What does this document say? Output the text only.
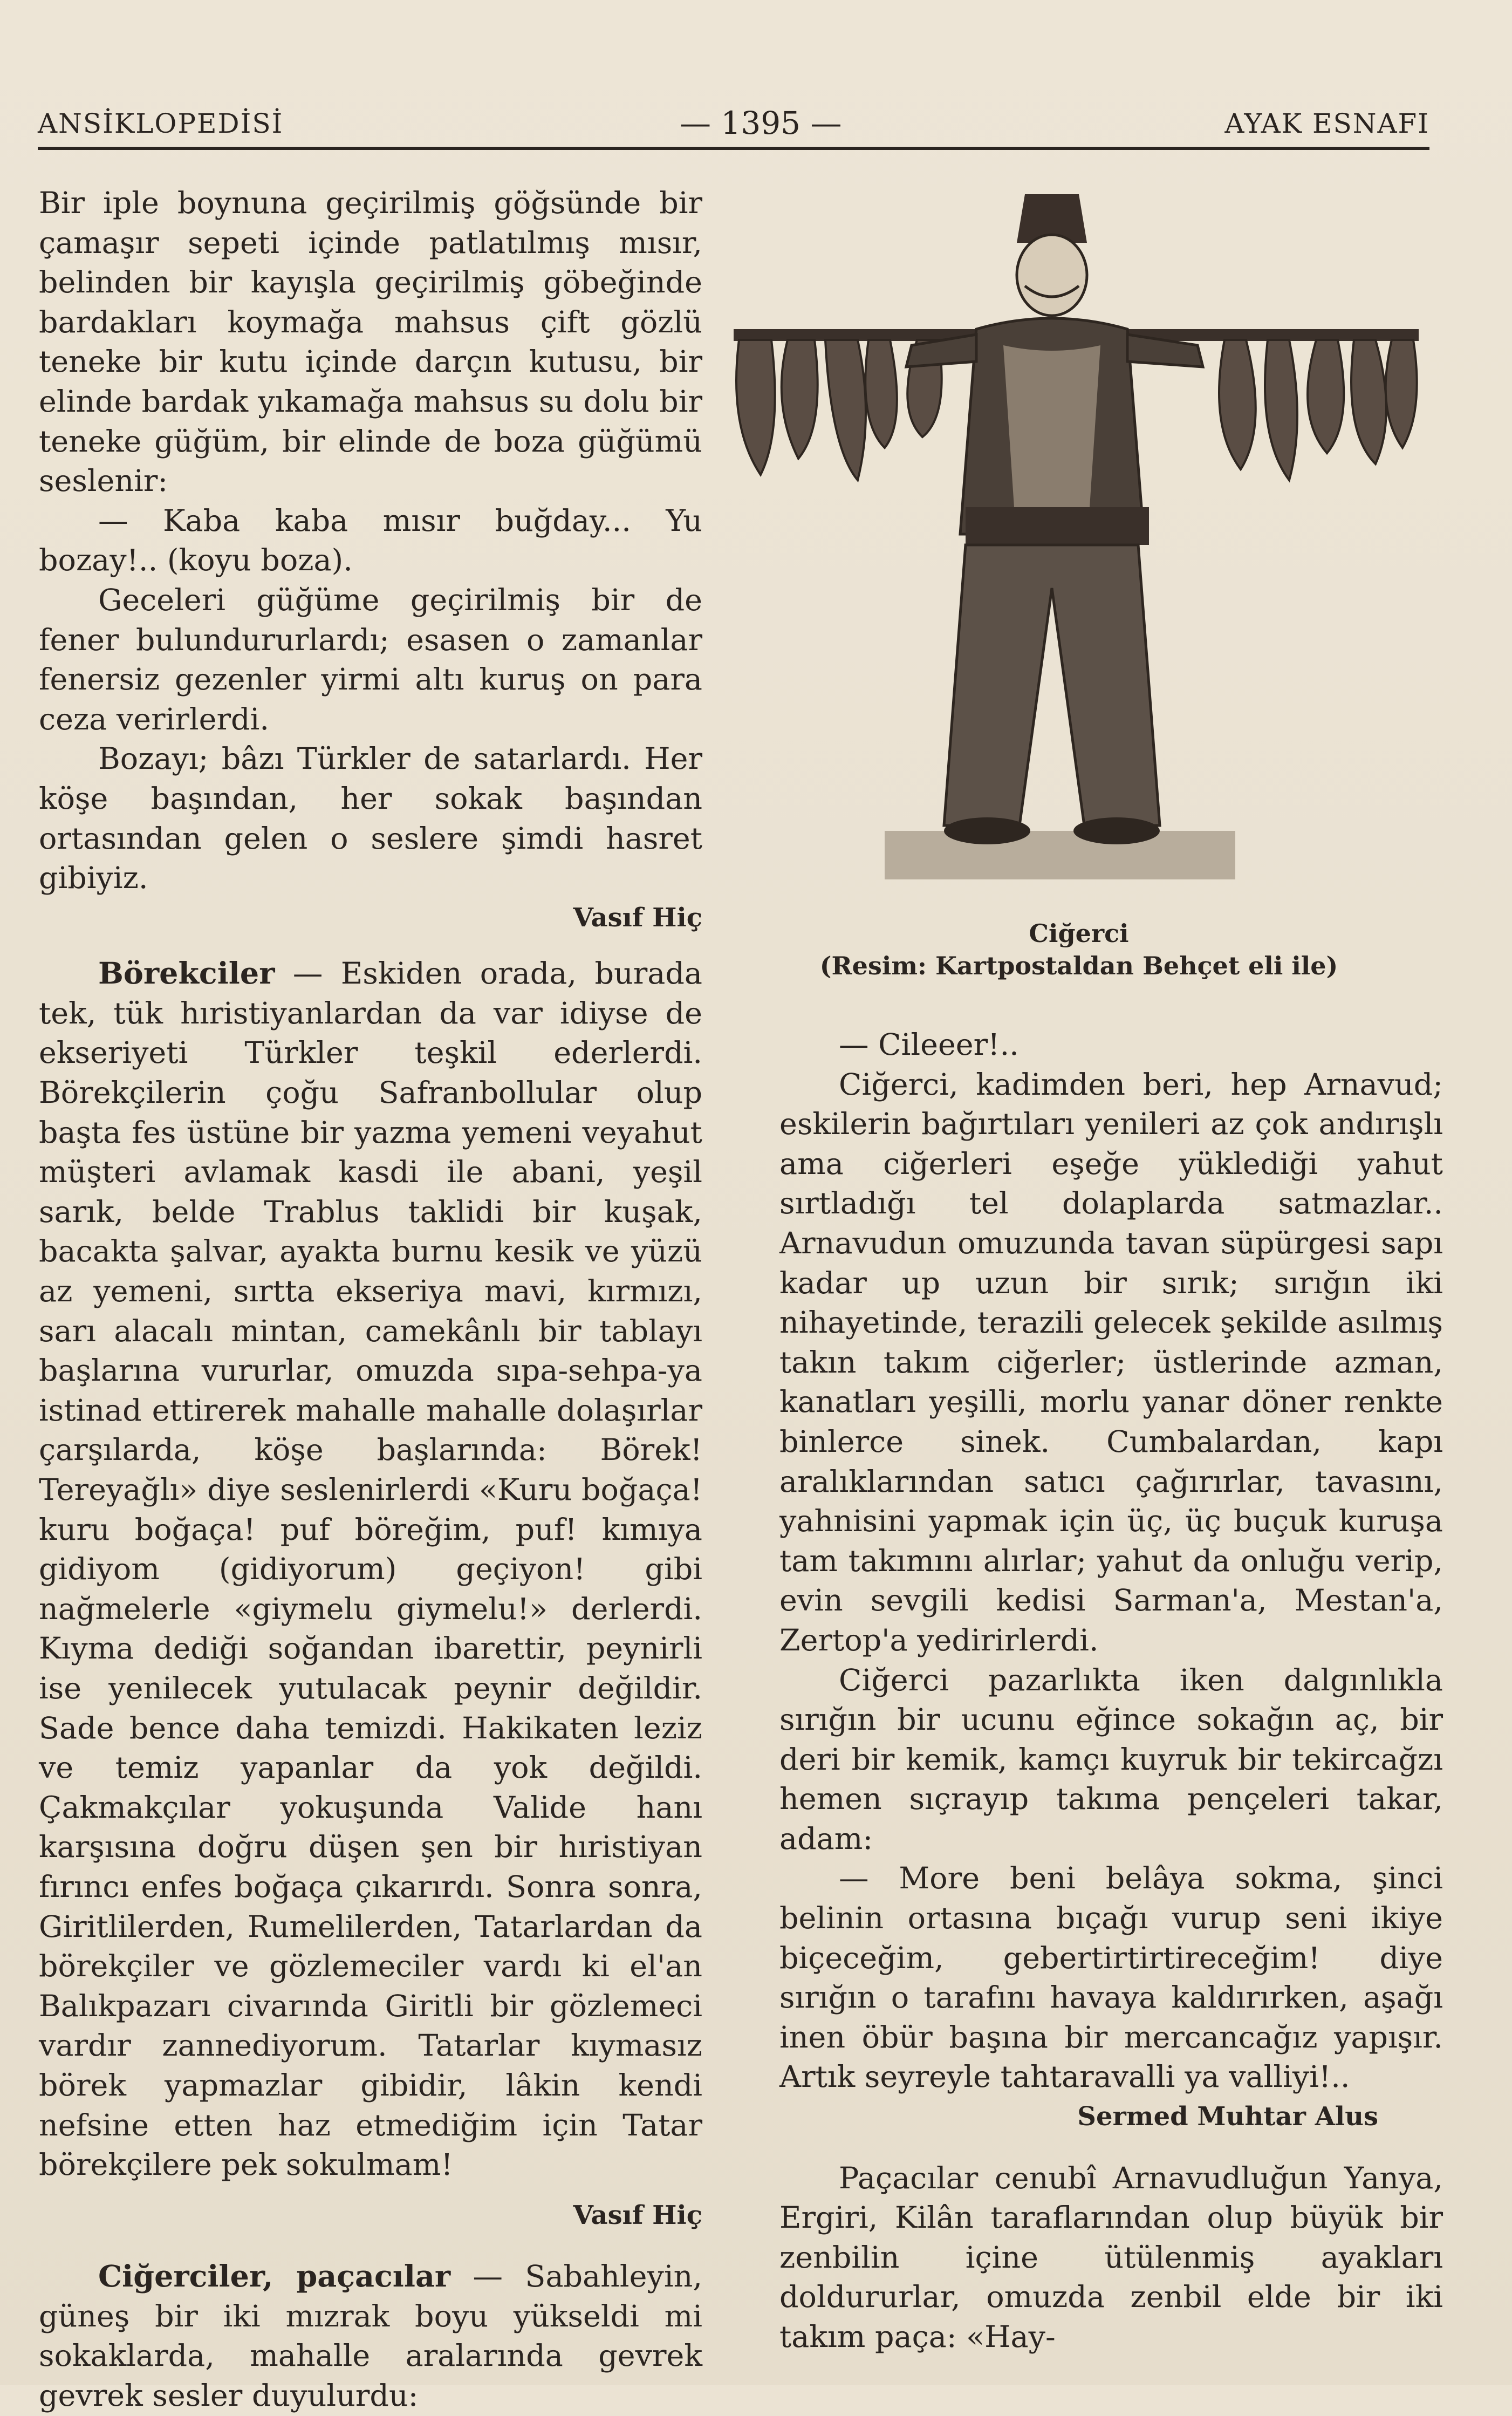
ANSİKLOPEDİSİ	— 1395 —	AYAK ESNAFI

Bir iple boynuna geçirilmiş göğsünde bir çamaşır sepeti içinde patlatılmış mısır, belinden bir kayışla geçirilmiş göbeğinde bardakları koymağa mahsus çift gözlü teneke bir kutu içinde darçın kutusu, bir elinde bardak yıkamağa mahsus su dolu bir teneke güğüm, bir elinde de boza güğümü seslenir:

— Kaba kaba mısır buğday... Yu bozay!.. (koyu boza).

Geceleri güğüme geçirilmiş bir de fener bulundururlardı; esasen o zamanlar fenersiz gezenler yirmi altı kuruş on para ceza verirlerdi.

Bozayı; bâzı Türkler de satarlardı. Her köşe başından, her sokak başından ortasından gelen o seslere şimdi hasret gibiyiz.

Vasıf Hiç

Börekciler — Eskiden orada, burada tek, tük hıristiyanlardan da var idiyse de ekseriyeti Türkler teşkil ederlerdi. Börekçilerin çoğu Safranbollular olup başta fes üstüne bir yazma yemeni veyahut müşteri avlamak kasdi ile abani, yeşil sarık, belde Trablus taklidi bir kuşak, bacakta şalvar, ayakta burnu kesik ve yüzü az yemeni, sırtta ekseriya mavi, kırmızı, sarı alacalı mintan, camekânlı bir tablayı başlarına vururlar, omuzda sıpa-sehpa-ya istinad ettirerek mahalle mahalle dolaşırlar çarşılarda, köşe başlarında: Börek! Tereyağlı» diye seslenirlerdi «Kuru boğaça! kuru boğaça! puf böreğim, puf! kımıya gidiyom (gidiyorum) geçiyon! gibi nağmelerle «giymelu giymelu!» derlerdi. Kıyma dediği soğandan ibarettir, peynirli ise yenilecek yutulacak peynir değildir. Sade bence daha temizdi. Hakikaten leziz ve temiz yapanlar da yok değildi. Çakmakçılar yokuşunda Valide hanı karşısına doğru düşen şen bir hıristiyan fırıncı enfes boğaça çıkarırdı. Sonra sonra, Giritlilerden, Rumelilerden, Tatarlardan da börekçiler ve gözlemeciler vardı ki el'an Balıkpazarı civarında Giritli bir gözlemeci vardır zannediyorum. Tatarlar kıymasız börek yapmazlar gibidir, lâkin kendi nefsine etten haz etmediğim için Tatar börekçilere pek sokulmam!

Vasıf Hiç

Ciğerciler, paçacılar — Sabahleyin, güneş bir iki mızrak boyu yükseldi mi sokaklarda, mahalle aralarında gevrek gevrek sesler duyulurdu:

Ciğerci
(Resim: Kartpostaldan Behçet eli ile)

— Cileeer!..

Ciğerci, kadimden beri, hep Arnavud; eskilerin bağırtıları yenileri az çok andırışlı ama ciğerleri eşeğe yüklediği yahut sırtladığı tel dolaplarda satmazlar.. Arnavudun omuzunda tavan süpürgesi sapı kadar up uzun bir sırık; sırığın iki nihayetinde, terazili gelecek şekilde asılmış takın takım ciğerler; üstlerinde azman, kanatları yeşilli, morlu yanar döner renkte binlerce sinek. Cumbalardan, kapı aralıklarından satıcı çağırırlar, tavasını, yahnisini yapmak için üç, üç buçuk kuruşa tam takımını alırlar; yahut da onluğu verip, evin sevgili kedisi Sarman'a, Mestan'a, Zertop'a yedirirlerdi.

Ciğerci pazarlıkta iken dalgınlıkla sırığın bir ucunu eğince sokağın aç, bir deri bir kemik, kamçı kuyruk bir tekircağzı hemen sıçrayıp takıma pençeleri takar, adam:

— More beni belâya sokma, şinci belinin ortasına bıçağı vurup seni ikiye biçeceğim, gebertirtirtireceğim! diye sırığın o tarafını havaya kaldırırken, aşağı inen öbür başına bir mercancağız yapışır. Artık seyreyle tahtaravalli ya valliyi!..

Sermed Muhtar Alus

Paçacılar cenubî Arnavudluğun Yanya, Ergiri, Kilân taraflarından olup büyük bir zenbilin içine ütülenmiş ayakları doldururlar, omuzda zenbil elde bir iki takım paça: «Hay-
